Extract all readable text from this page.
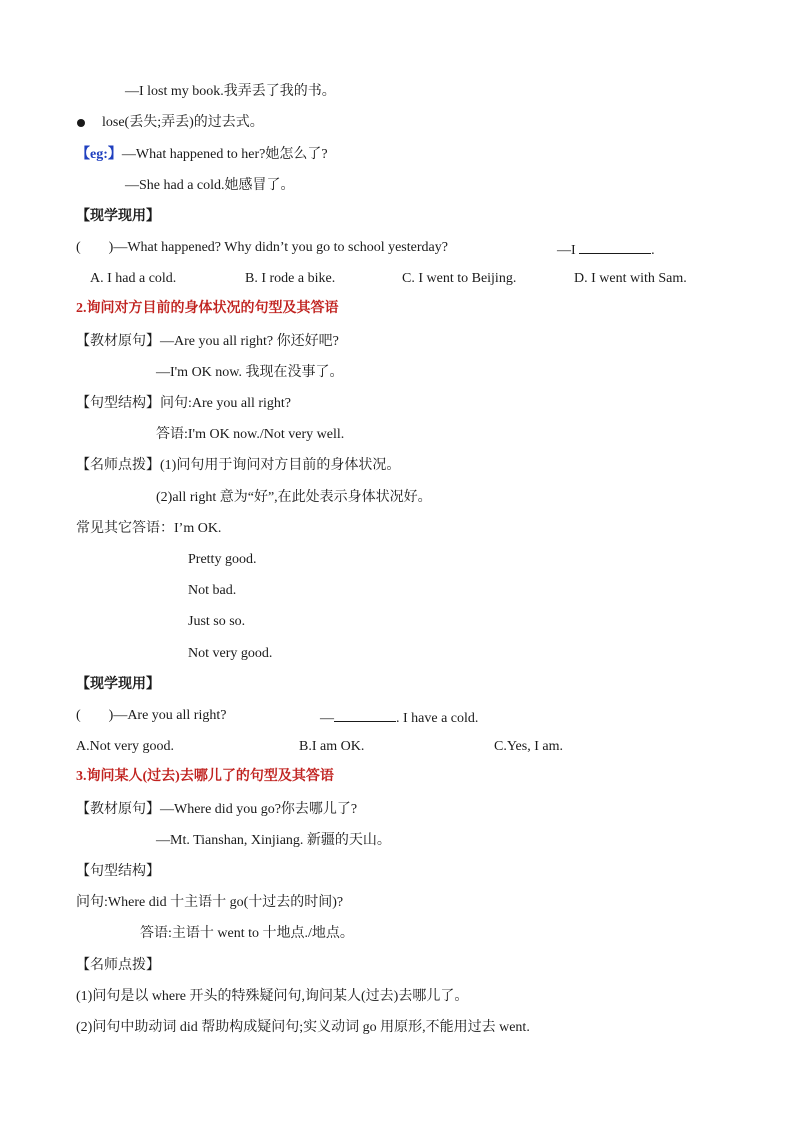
—I lost my book.我弄丢了我的书。
lose(丢失;弄丢)的过去式。
【eg:】—What happened to her?她怎么了?
—She had a cold.她感冒了。
【现学现用】
(　　)—What happened? Why didn’t you go to school yesterday?	—I	.
A. I had a cold.	B. I rode a bike.	C. I went to Beijing.	D. I went with Sam.
2.询问对方目前的身体状况的句型及其答语
【教材原句】—Are you all right? 你还好吧?
—I'm OK now. 我现在没事了。
【句型结构】问句:Are you all right?
答语:I'm OK now./Not very well.
【名师点拨】(1)问句用于询问对方目前的身体状况。
(2)all right 意为“好”,在此处表示身体状况好。
常见其它答语：I’m OK.
Pretty good.
Not bad.
Just so so.
Not very good.
【现学现用】
(　　)—Are you all right?	—	. I have a cold.
A.Not very good.	B.I am OK.	C.Yes, I am.
3.询问某人(过去)去哪儿了的句型及其答语
【教材原句】—Where did you go?你去哪儿了?
—Mt. Tianshan, Xinjiang. 新疆的天山。
【句型结构】
问句:Where did 十主语十 go(十过去的时间)?
答语:主语十 went to 十地点./地点。
【名师点拨】
(1)问句是以 where 开头的特殊疑问句,询问某人(过去)去哪儿了。
(2)问句中助动词 did 帮助构成疑问句;实义动词 go 用原形,不能用过去 went.
